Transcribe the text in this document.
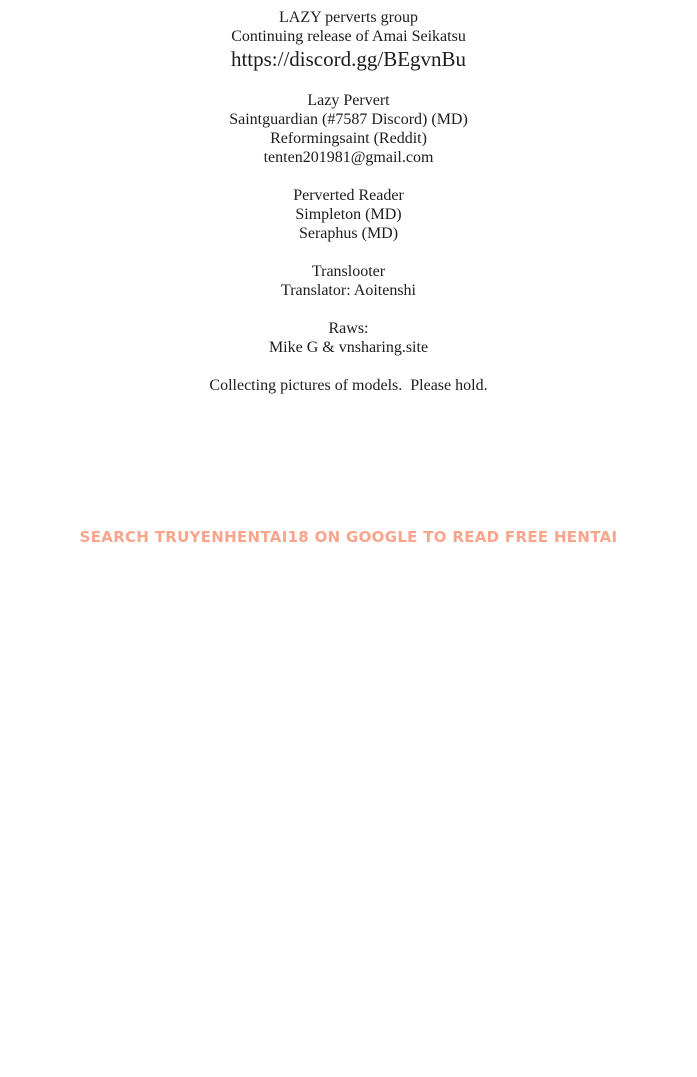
LAZY perverts group
Continuing release of Amai Seikatsu
https://discord.gg/BEgvnBu
Lazy Pervert
Saintguardian (#7587 Discord) (MD)
Reformingsaint (Reddit)
tenten201981@gmail.com
Perverted Reader
Simpleton (MD)
Seraphus (MD)
Translooter
Translator: Aoitenshi
Raws:
Mike G & vnsharing.site
Collecting pictures of models.  Please hold.
SEARCH TRUYENHENTAI18 ON GOOGLE TO READ FREE HENTAI
